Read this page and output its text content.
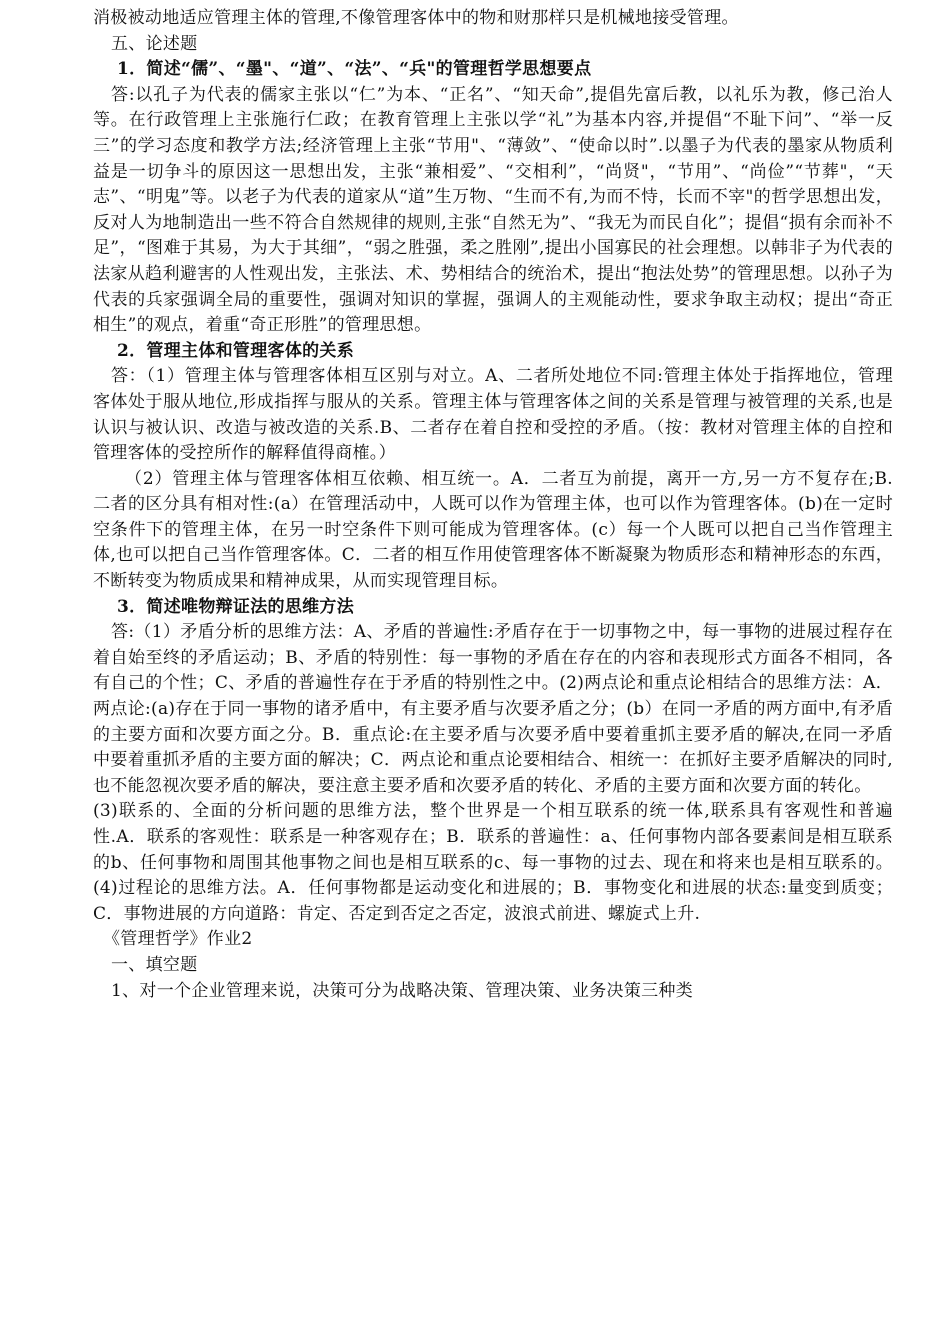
消极被动地适应管理主体的管理,不像管理客体中的物和财那样只是机械地接受管理。

五、论述题

1．简述“儒”、“墨"、“道”、“法”、“兵"的管理哲学思想要点

答:以孔子为代表的儒家主张以“仁”为本、“正名”、“知天命”,提倡先富后教，以礼乐为教，修己治人等。在行政管理上主张施行仁政；在教育管理上主张以学“礼”为基本内容,并提倡“不耻下问”、“举一反三”的学习态度和教学方法;经济管理上主张“节用"、“薄敛”、“使命以时”.以墨子为代表的墨家从物质利益是一切争斗的原因这一思想出发，主张“兼相爱”、“交相利”，“尚贤"，“节用”、“尚俭”“节葬"，“天志”、“明鬼”等。以老子为代表的道家从“道”生万物、“生而不有,为而不恃，长而不宰"的哲学思想出发，反对人为地制造出一些不符合自然规律的规则,主张“自然无为”、“我无为而民自化”；提倡“损有余而补不足”，“图难于其易，为大于其细”，“弱之胜强，柔之胜刚”,提出小国寡民的社会理想。以韩非子为代表的法家从趋利避害的人性观出发，主张法、术、势相结合的统治术，提出“抱法处势”的管理思想。以孙子为代表的兵家强调全局的重要性，强调对知识的掌握，强调人的主观能动性，要求争取主动权；提出“奇正相生”的观点，着重“奇正形胜”的管理思想。

2．管理主体和管理客体的关系

答：（1）管理主体与管理客体相互区别与对立。A、二者所处地位不同:管理主体处于指挥地位，管理客体处于服从地位,形成指挥与服从的关系。管理主体与管理客体之间的关系是管理与被管理的关系,也是认识与被认识、改造与被改造的关系.B、二者存在着自控和受控的矛盾。（按：教材对管理主体的自控和管理客体的受控所作的解释值得商榷。）

（2）管理主体与管理客体相互依赖、相互统一。A．二者互为前提，离开一方,另一方不复存在;B. 二者的区分具有相对性:(a）在管理活动中，人既可以作为管理主体，也可以作为管理客体。(b)在一定时空条件下的管理主体，在另一时空条件下则可能成为管理客体。(c）每一个人既可以把自己当作管理主体,也可以把自己当作管理客体。C．二者的相互作用使管理客体不断凝聚为物质形态和精神形态的东西，不断转变为物质成果和精神成果，从而实现管理目标。

3．简述唯物辩证法的思维方法

答:（1）矛盾分析的思维方法：A、矛盾的普遍性:矛盾存在于一切事物之中，每一事物的进展过程存在着自始至终的矛盾运动；B、矛盾的特别性：每一事物的矛盾在存在的内容和表现形式方面各不相同，各有自己的个性；C、矛盾的普遍性存在于矛盾的特别性之中。(2)两点论和重点论相结合的思维方法：A．两点论:(a)存在于同一事物的诸矛盾中，有主要矛盾与次要矛盾之分；(b）在同一矛盾的两方面中,有矛盾的主要方面和次要方面之分。B．重点论:在主要矛盾与次要矛盾中要着重抓主要矛盾的解决,在同一矛盾中要着重抓矛盾的主要方面的解决；C．两点论和重点论要相结合、相统一：在抓好主要矛盾解决的同时,也不能忽视次要矛盾的解决，要注意主要矛盾和次要矛盾的转化、矛盾的主要方面和次要方面的转化。

(3)联系的、全面的分析问题的思维方法，整个世界是一个相互联系的统一体,联系具有客观性和普遍性.A．联系的客观性：联系是一种客观存在；B．联系的普遍性：a、任何事物内部各要素间是相互联系的b、任何事物和周围其他事物之间也是相互联系的c、每一事物的过去、现在和将来也是相互联系的。(4)过程论的思维方法。A．任何事物都是运动变化和进展的；B．事物变化和进展的状态:量变到质变；C．事物进展的方向道路：肯定、否定到否定之否定，波浪式前进、螺旋式上升.

《管理哲学》作业2

一、填空题

1、对一个企业管理来说，决策可分为战略决策、管理决策、业务决策三种类
